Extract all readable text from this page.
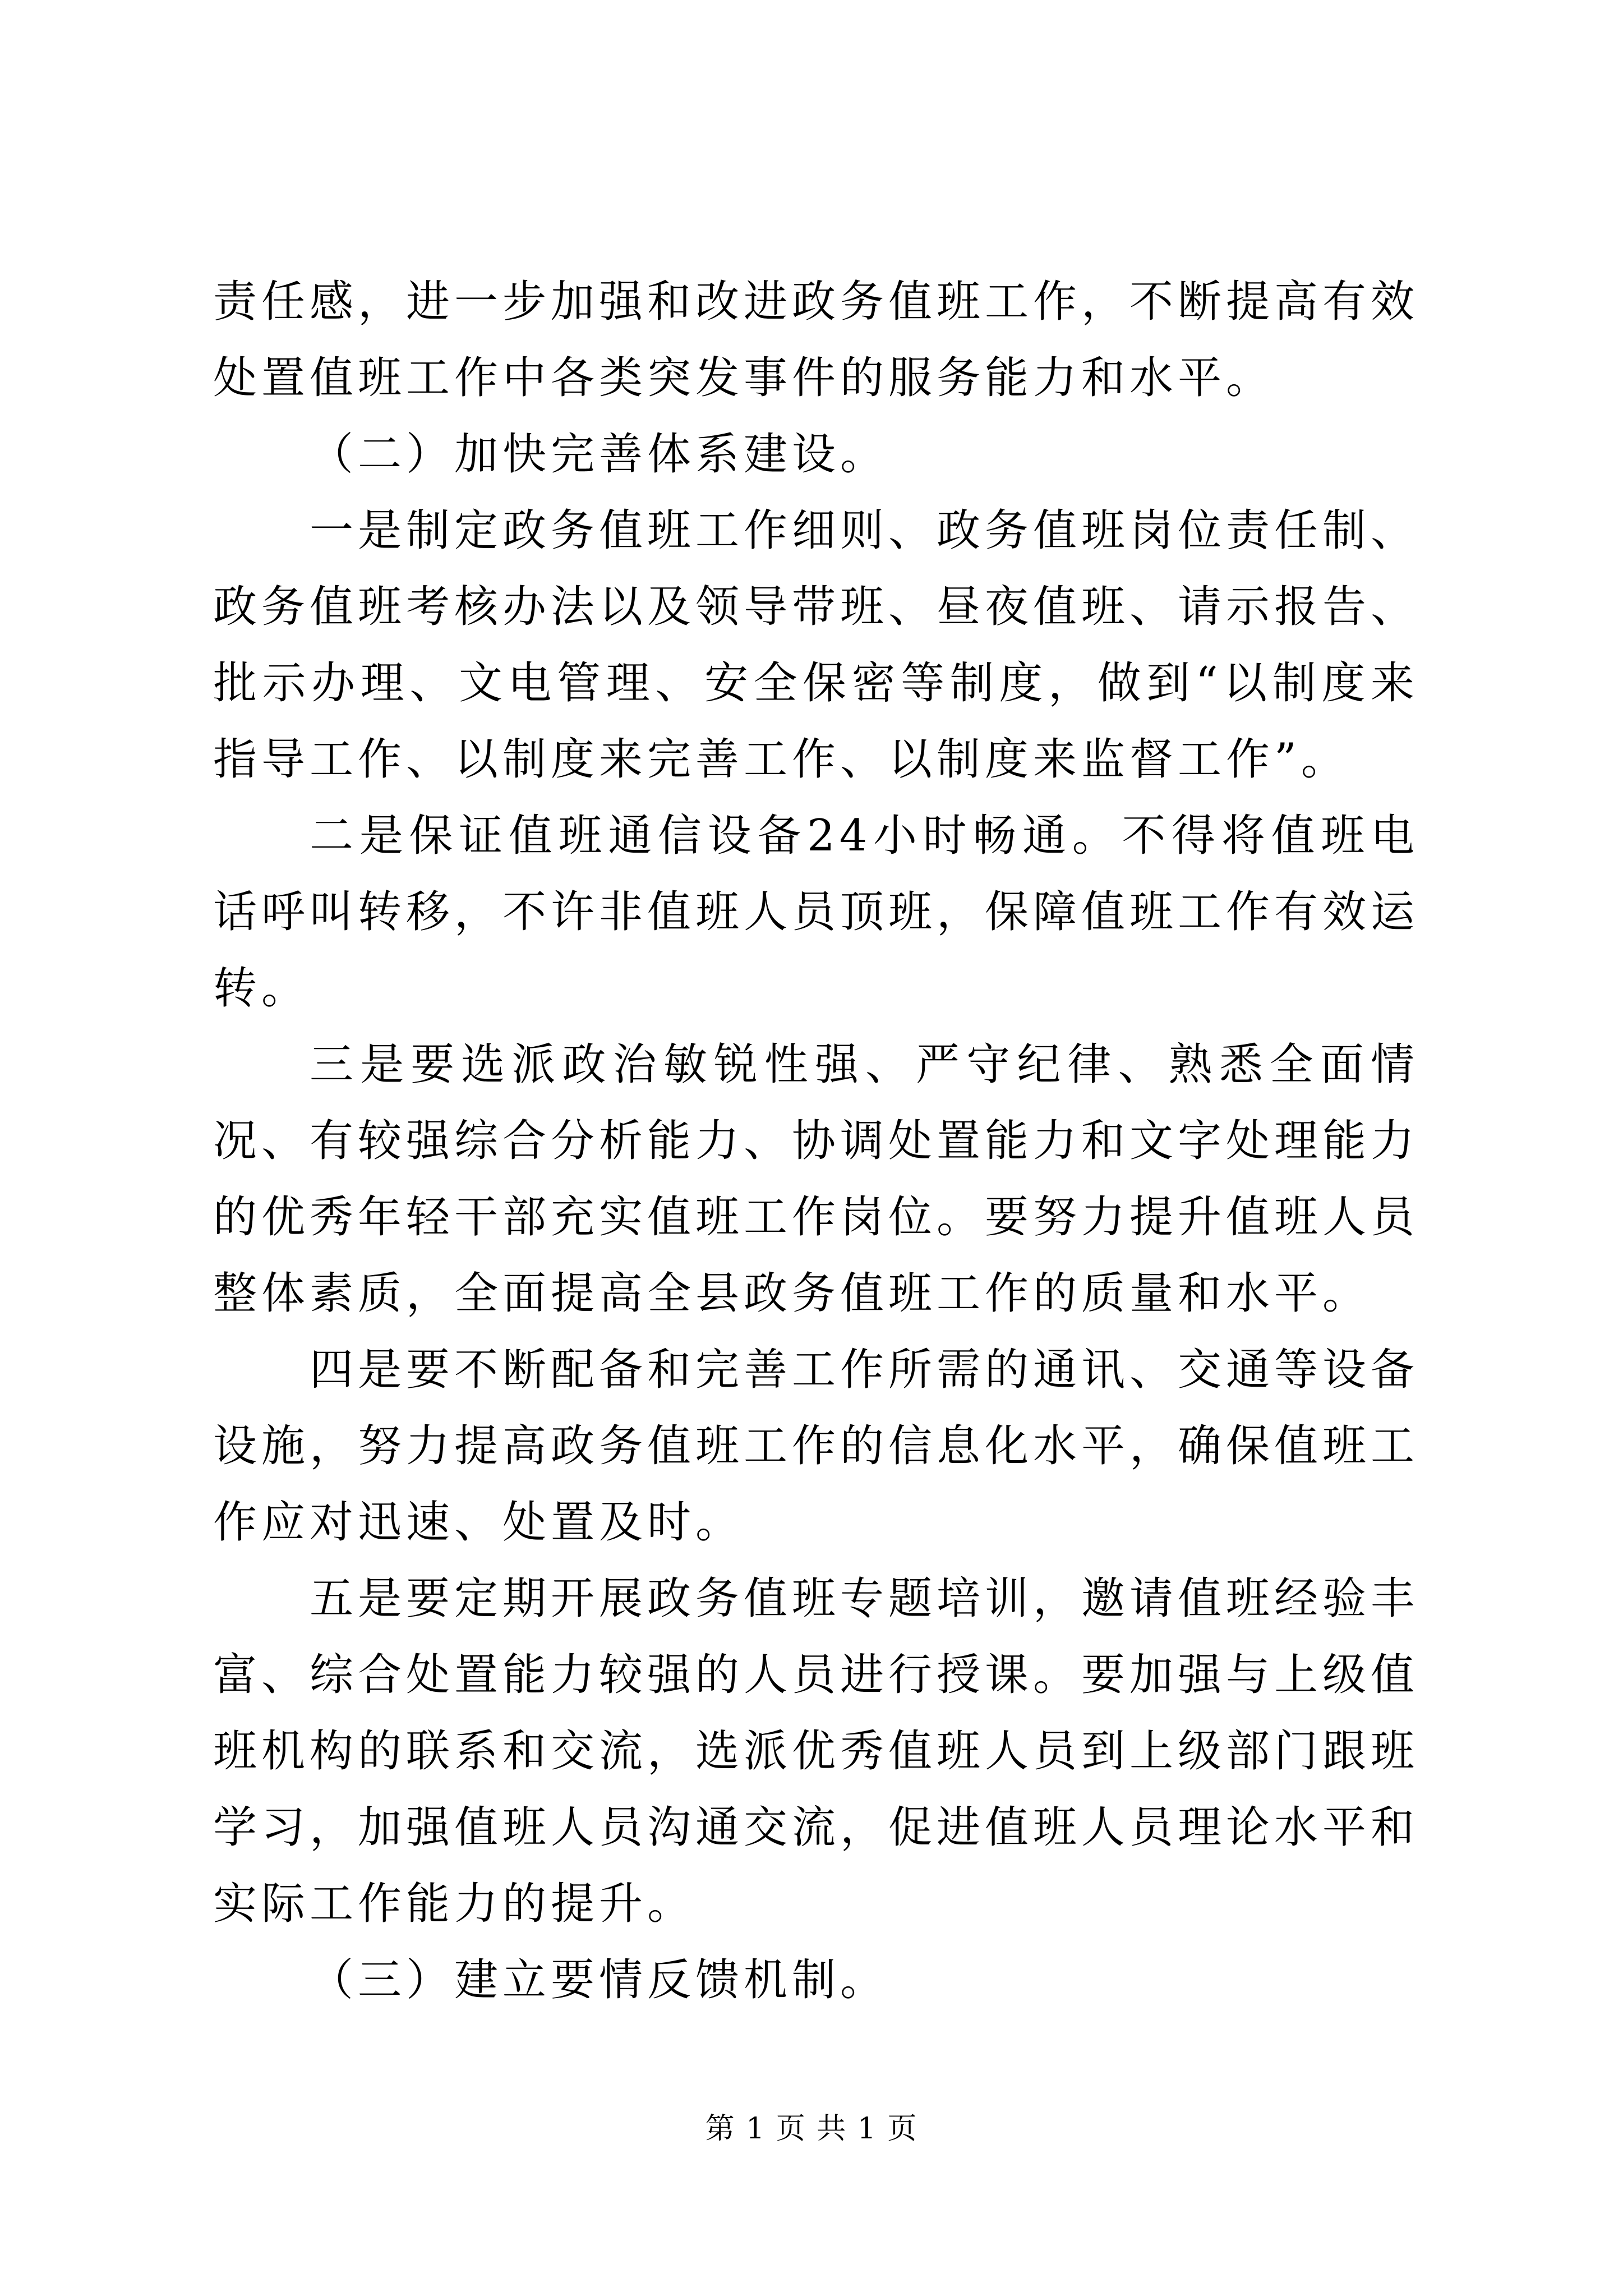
责任感，进一步加强和改进政务值班工作，不断提高有效处置值班工作中各类突发事件的服务能力和水平。

（二）加快完善体系建设。

一是制定政务值班工作细则、政务值班岗位责任制、政务值班考核办法以及领导带班、昼夜值班、请示报告、批示办理、文电管理、安全保密等制度，做到“以制度来指导工作、以制度来完善工作、以制度来监督工作”。

二是保证值班通信设备24小时畅通。不得将值班电话呼叫转移，不许非值班人员顶班，保障值班工作有效运转。

三是要选派政治敏锐性强、严守纪律、熟悉全面情况、有较强综合分析能力、协调处置能力和文字处理能力的优秀年轻干部充实值班工作岗位。要努力提升值班人员整体素质，全面提高全县政务值班工作的质量和水平。

四是要不断配备和完善工作所需的通讯、交通等设备设施，努力提高政务值班工作的信息化水平，确保值班工作应对迅速、处置及时。

五是要定期开展政务值班专题培训，邀请值班经验丰富、综合处置能力较强的人员进行授课。要加强与上级值班机构的联系和交流，选派优秀值班人员到上级部门跟班学习，加强值班人员沟通交流，促进值班人员理论水平和实际工作能力的提升。

（三）建立要情反馈机制。

第 1 页 共 1 页
